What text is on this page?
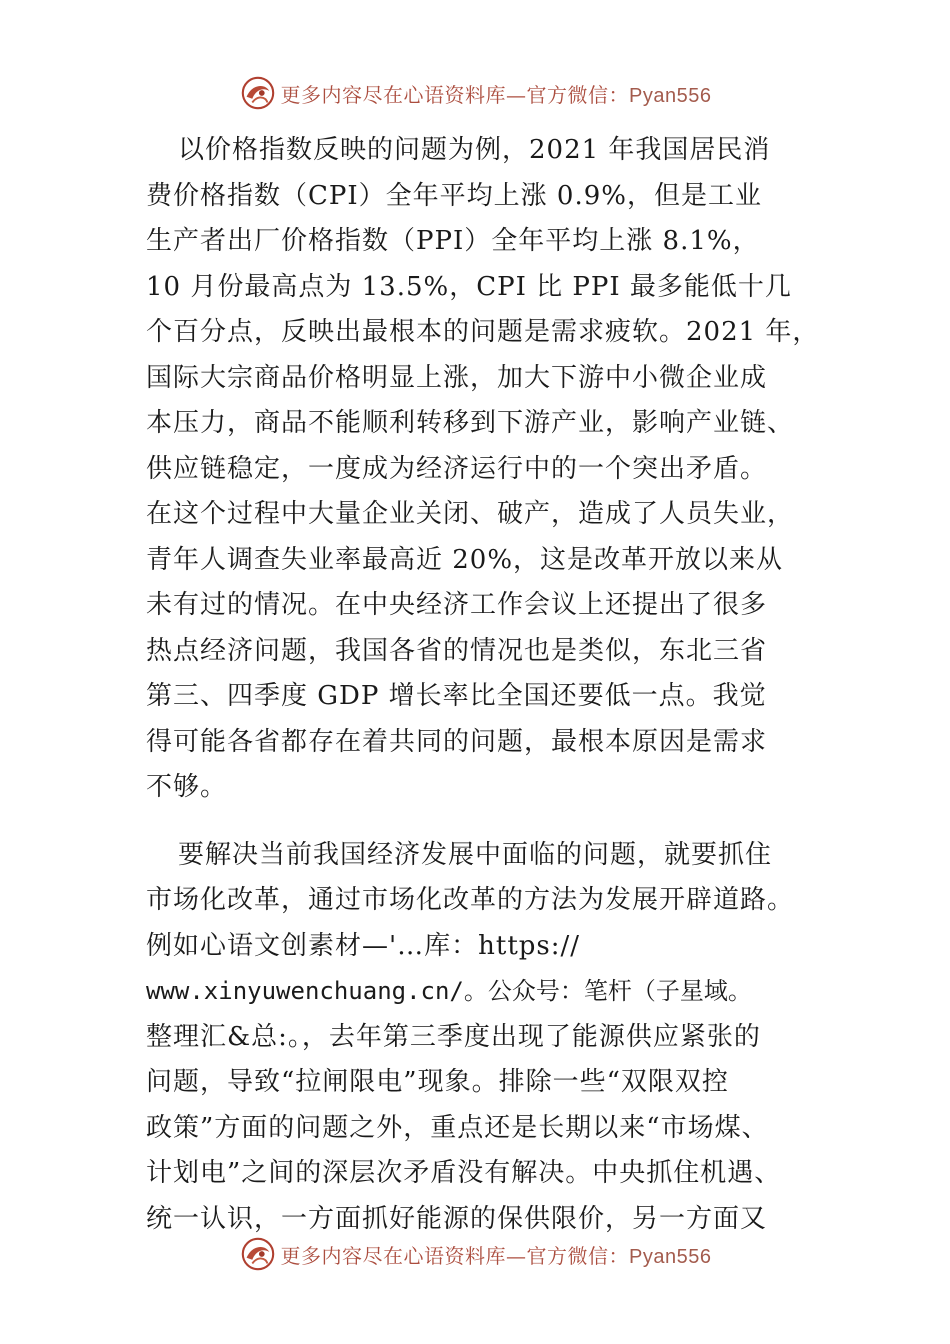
更多内容尽在心语资料库—官方微信：Pyan556
以价格指数反映的问题为例，2021 年我国居民消
费价格指数（CPI）全年平均上涨 0.9%，但是工业
生产者出厂价格指数（PPI）全年平均上涨 8.1%，
10 月份最高点为 13.5%，CPI 比 PPI 最多能低十几
个百分点，反映出最根本的问题是需求疲软。2021 年，
国际大宗商品价格明显上涨，加大下游中小微企业成
本压力，商品不能顺利转移到下游产业，影响产业链、
供应链稳定，一度成为经济运行中的一个突出矛盾。
在这个过程中大量企业关闭、破产，造成了人员失业，
青年人调查失业率最高近 20%，这是改革开放以来从
未有过的情况。在中央经济工作会议上还提出了很多
热点经济问题，我国各省的情况也是类似，东北三省
第三、四季度 GDP 增长率比全国还要低一点。我觉
得可能各省都存在着共同的问题，最根本原因是需求
不够。
要解决当前我国经济发展中面临的问题，就要抓住
市场化改革，通过市场化改革的方法为发展开辟道路。
例如心语文创素材—'…库：https://
www.xinyuwenchuang.cn/。公众号：笔杆（子星域。
整理汇&总:。，去年第三季度出现了能源供应紧张的
问题，导致“拉闸限电”现象。排除一些“双限双控
政策”方面的问题之外，重点还是长期以来“市场煤、
计划电”之间的深层次矛盾没有解决。中央抓住机遇、
统一认识，一方面抓好能源的保供限价，另一方面又
更多内容尽在心语资料库—官方微信：Pyan556
